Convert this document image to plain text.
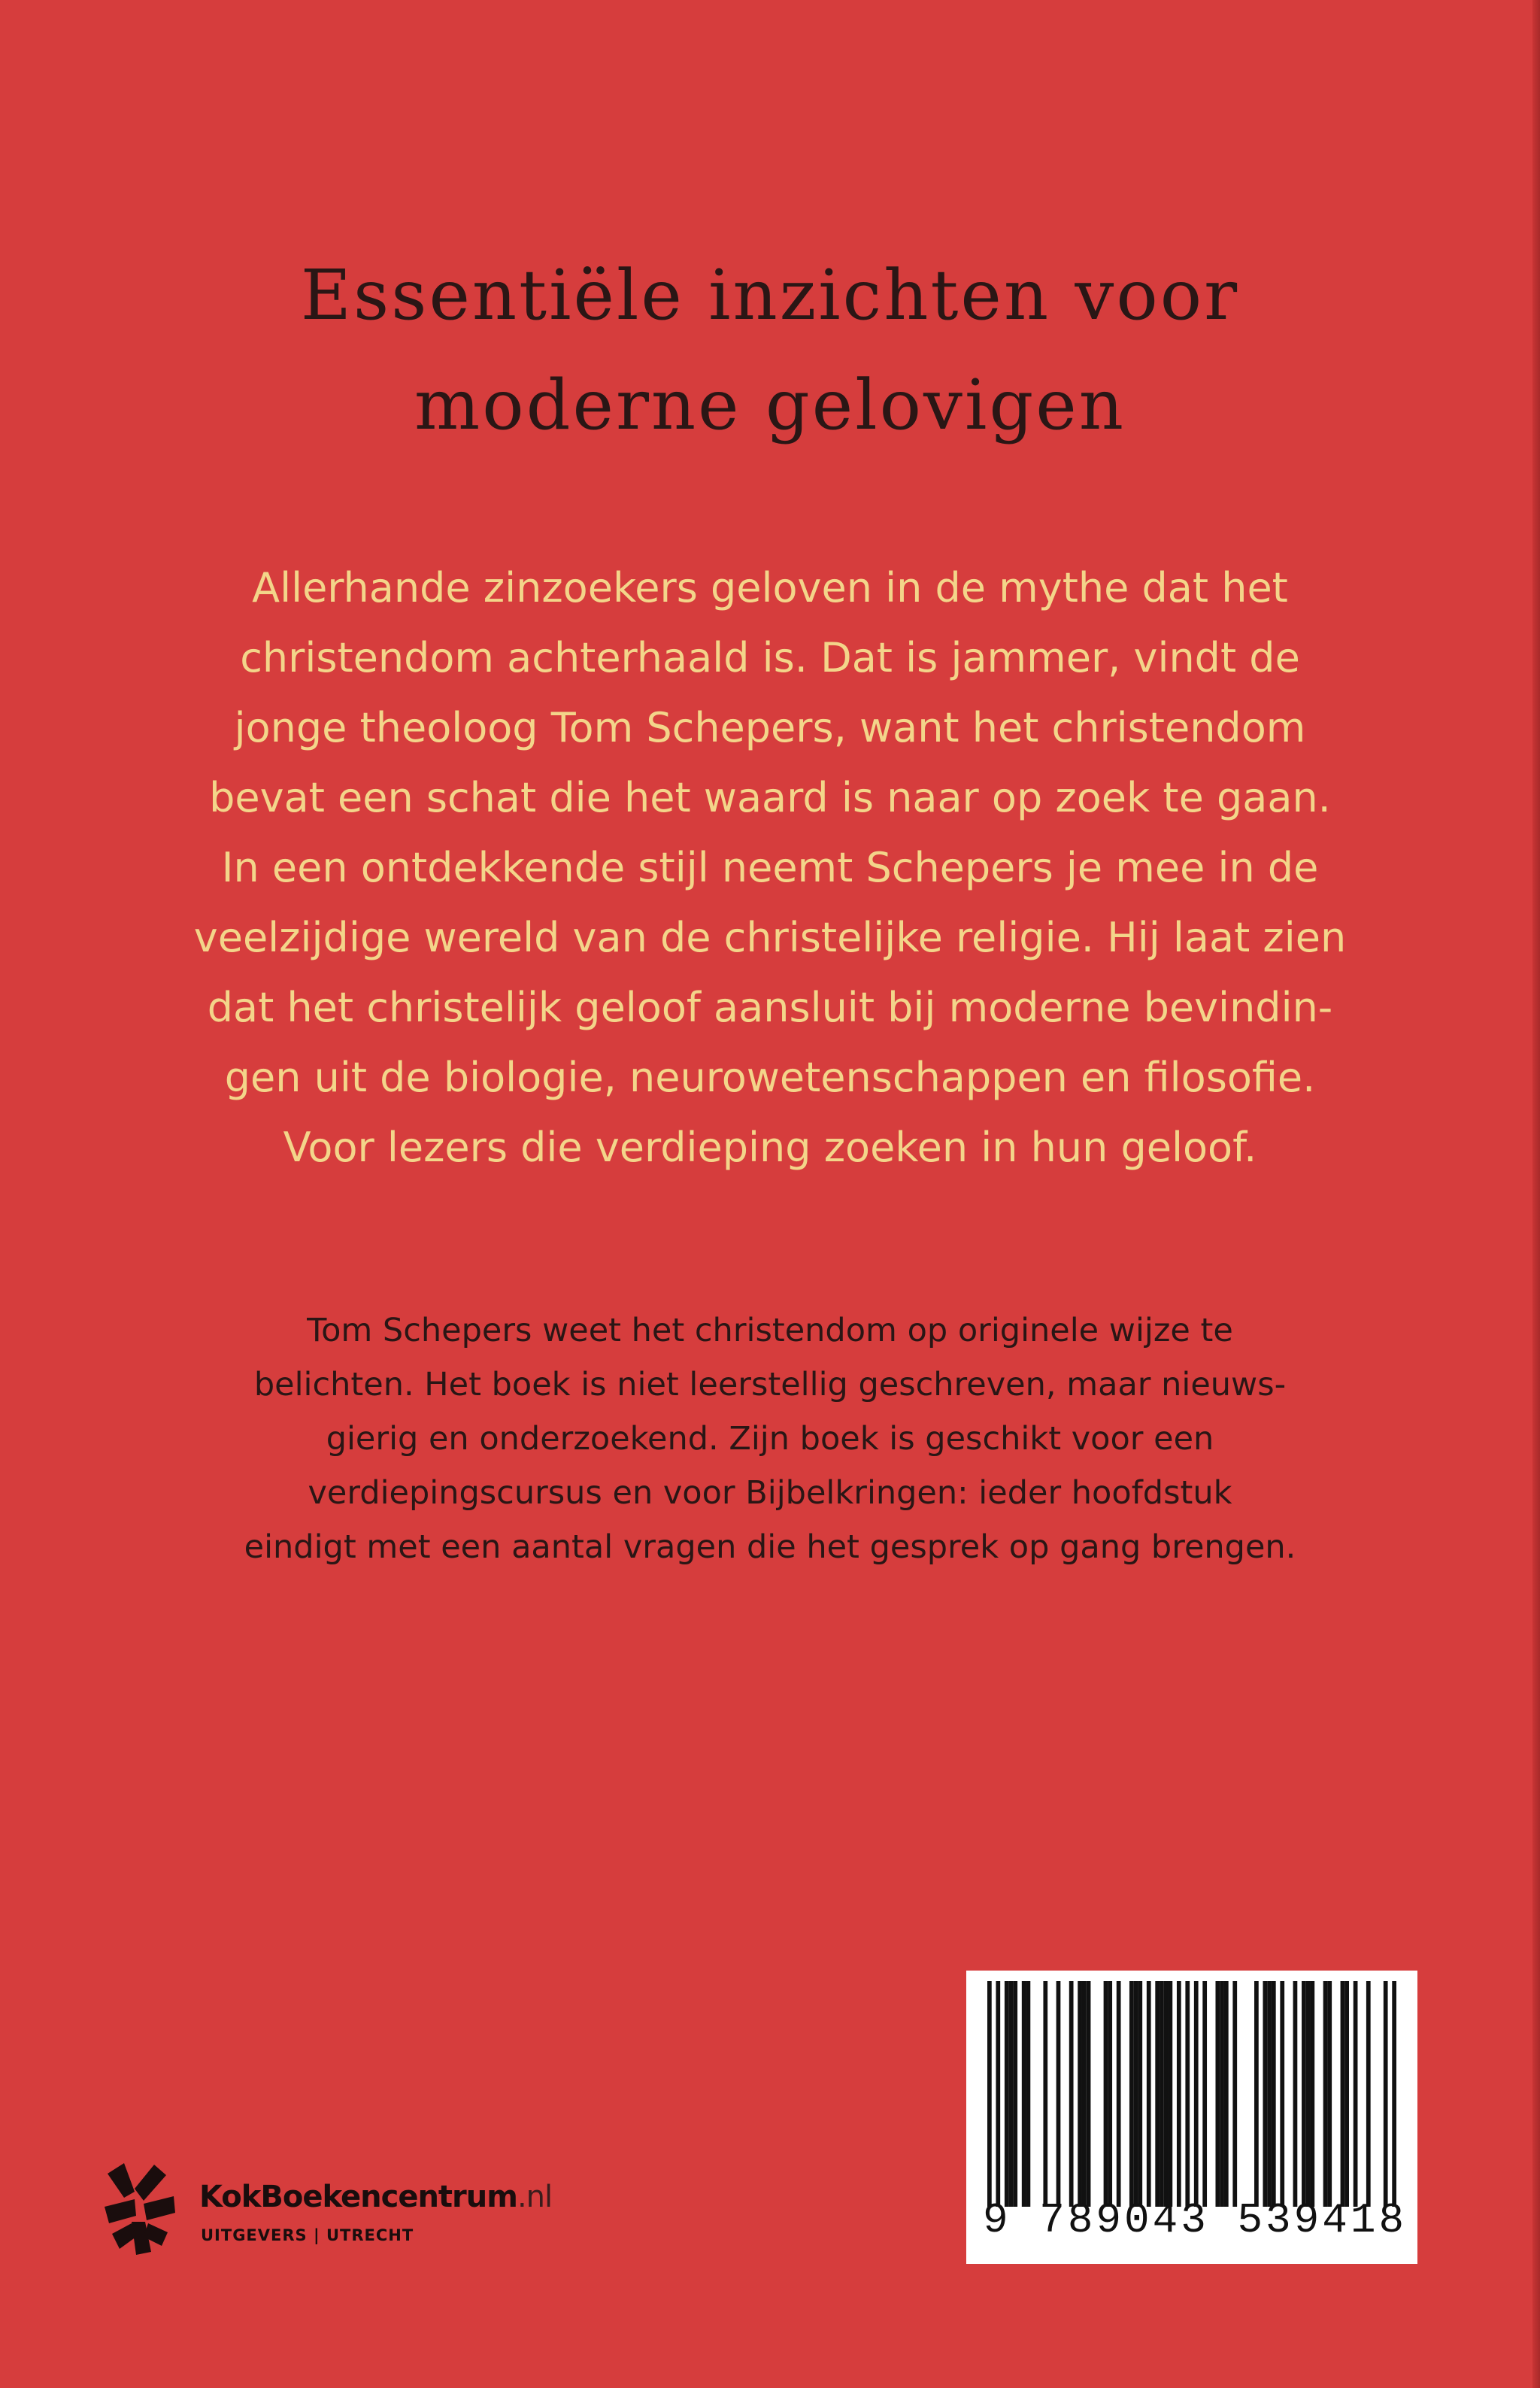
Essentiële inzichten voor
moderne gelovigen

Allerhande zinzoekers geloven in de mythe dat het
christendom achterhaald is. Dat is jammer, vindt de
jonge theoloog Tom Schepers, want het christendom
bevat een schat die het waard is naar op zoek te gaan.
In een ontdekkende stijl neemt Schepers je mee in de
veelzijdige wereld van de christelijke religie. Hij laat zien
dat het christelijk geloof aansluit bij moderne bevindin-
gen uit de biologie, neurowetenschappen en filosofie.
Voor lezers die verdieping zoeken in hun geloof.

Tom Schepers weet het christendom op originele wijze te
belichten. Het boek is niet leerstellig geschreven, maar nieuws-
gierig en onderzoekend. Zijn boek is geschikt voor een
verdiepingscursus en voor Bijbelkringen: ieder hoofdstuk
eindigt met een aantal vragen die het gesprek op gang brengen.

KokBoekencentrum.nl
UITGEVERS | UTRECHT	9 789043 539418
